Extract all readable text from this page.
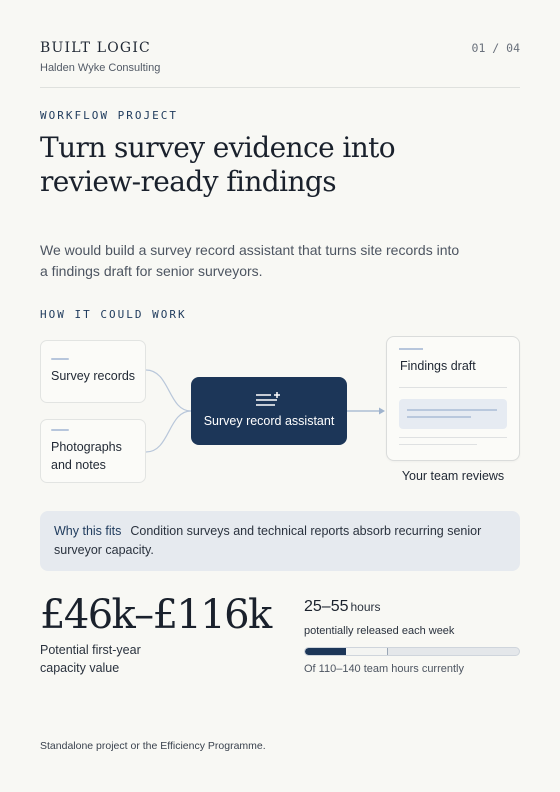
BUILT LOGIC
Halden Wyke Consulting
01 / 04
WORKFLOW PROJECT
Turn survey evidence into review-ready findings
We would build a survey record assistant that turns site records into a findings draft for senior surveyors.
HOW IT COULD WORK
Survey records
Photographs and notes
Survey record assistant
Findings draft
Your team reviews
Why this fits Condition surveys and technical reports absorb recurring senior surveyor capacity.
£46k–£116k
Potential first-year capacity value
25–55 hours
potentially released each week
Of 110–140 team hours currently
Standalone project or the Efficiency Programme.
